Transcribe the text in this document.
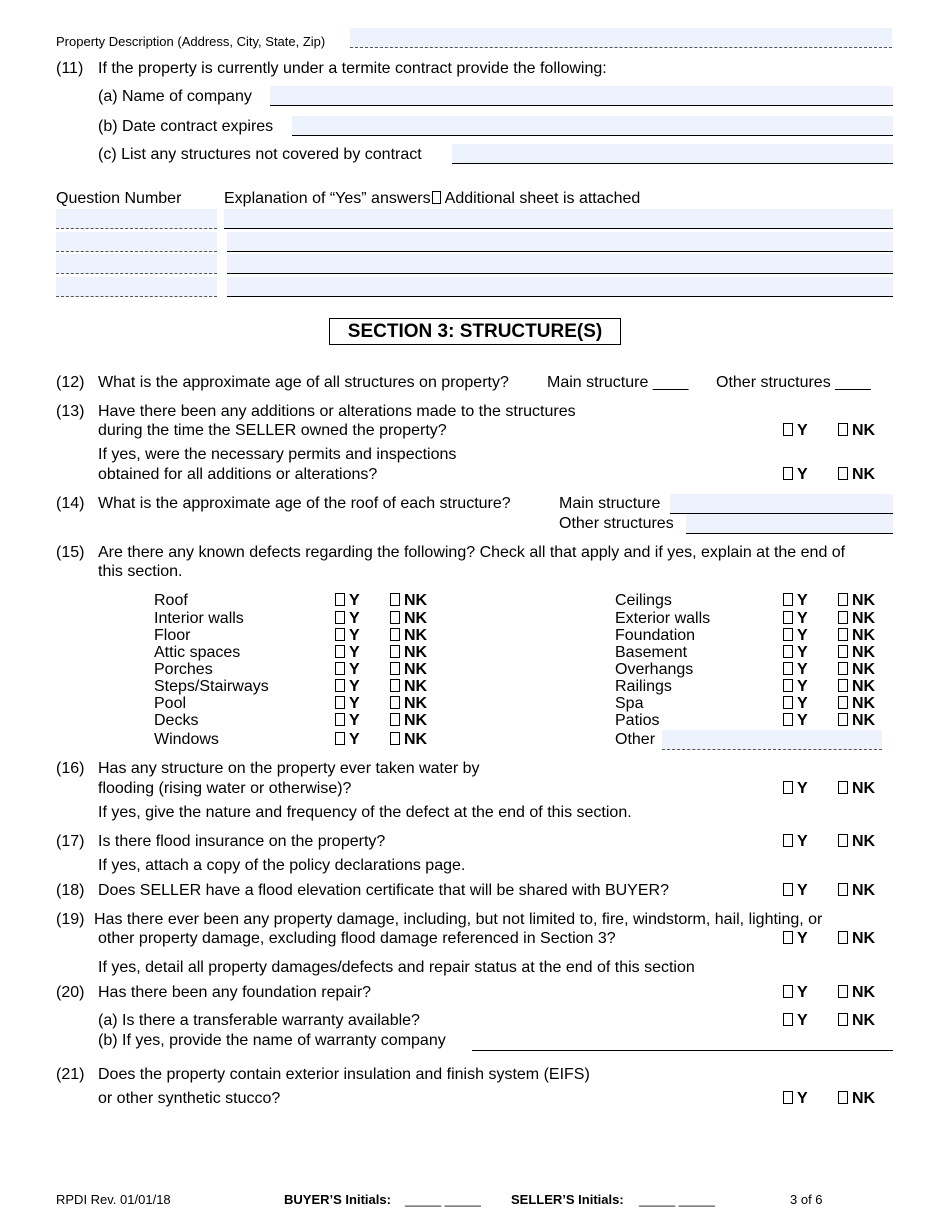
Property Description (Address, City, State, Zip)
(11) If the property is currently under a termite contract provide the following:
(a) Name of company
(b) Date contract expires
(c) List any structures not covered by contract
Question Number	Explanation of “Yes” answers Additional sheet is attached
SECTION 3: STRUCTURE(S)
(12) What is the approximate age of all structures on property? Main structure ____ Other structures ____
(13) Have there been any additions or alterations made to the structures
during the time the SELLER owned the property?	Y	NK
If yes, were the necessary permits and inspections
obtained for all additions or alterations?	Y	NK
(14) What is the approximate age of the roof of each structure?	Main structure
Other structures
(15) Are there any known defects regarding the following? Check all that apply and if yes, explain at the end of
this section.
Roof	Y	NK
Interior walls	Y	NK
Floor	Y	NK
Attic spaces	Y	NK
Porches	Y	NK
Steps/Stairways	Y	NK
Pool	Y	NK
Decks	Y	NK
Windows	Y	NK
Ceilings	Y	NK
Exterior walls	Y	NK
Foundation	Y	NK
Basement	Y	NK
Overhangs	Y	NK
Railings	Y	NK
Spa	Y	NK
Patios	Y	NK
Other
(16) Has any structure on the property ever taken water by
flooding (rising water or otherwise)?	Y	NK
If yes, give the nature and frequency of the defect at the end of this section.
(17) Is there flood insurance on the property?	Y	NK
If yes, attach a copy of the policy declarations page.
(18) Does SELLER have a flood elevation certificate that will be shared with BUYER?	Y	NK
(19) Has there ever been any property damage, including, but not limited to, fire, windstorm, hail, lighting, or
other property damage, excluding flood damage referenced in Section 3?	Y	NK
If yes, detail all property damages/defects and repair status at the end of this section
(20) Has there been any foundation repair?	Y	NK
(a) Is there a transferable warranty available?	Y	NK
(b) If yes, provide the name of warranty company
(21) Does the property contain exterior insulation and finish system (EIFS)
or other synthetic stucco?	Y	NK
RPDI Rev. 01/01/18	BUYER’S Initials: _____ _____ SELLER’S Initials: _____ _____	3 of 6
